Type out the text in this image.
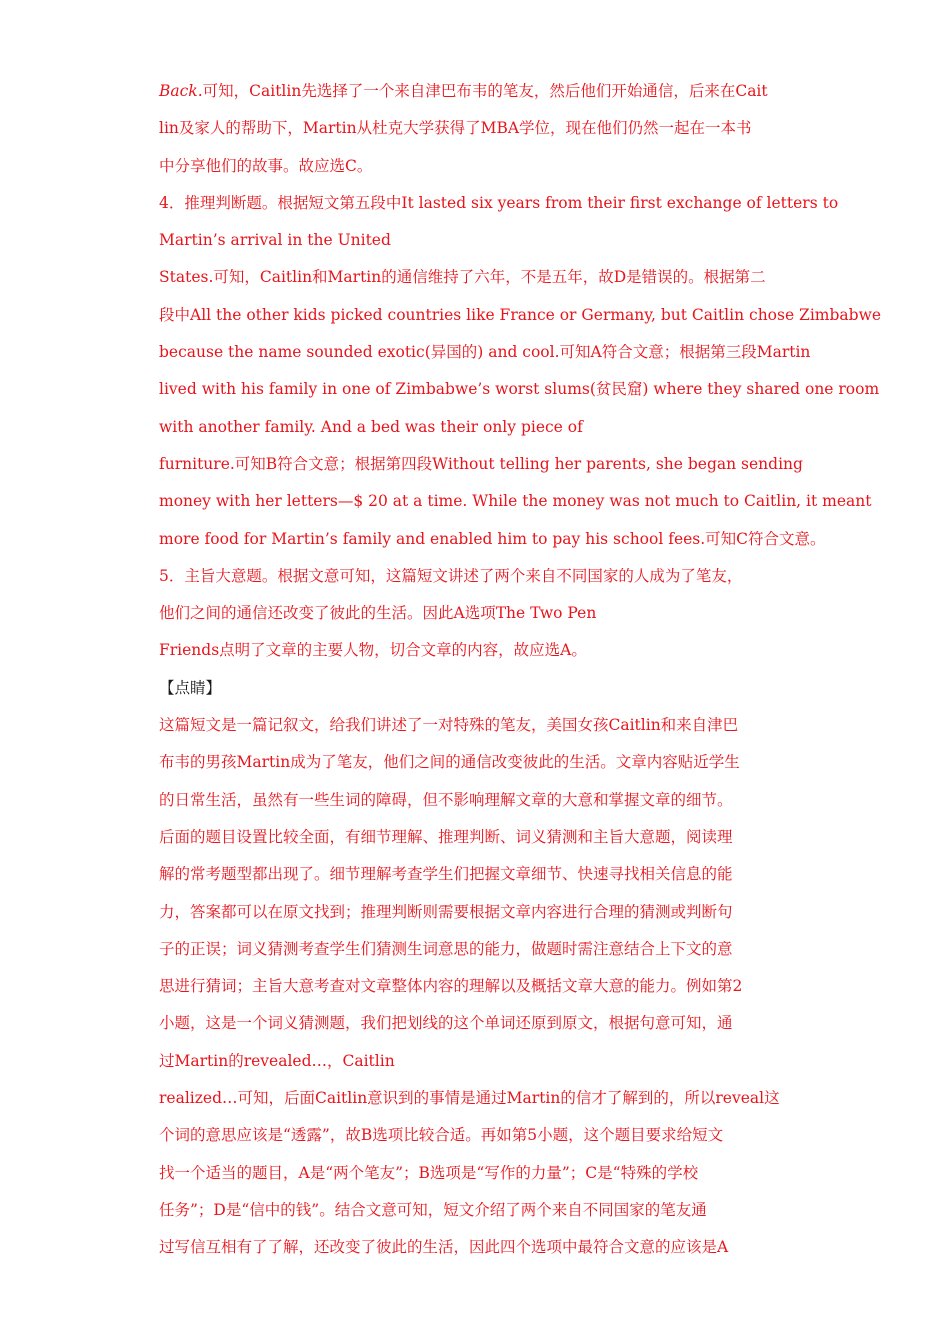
Back.可知，Caitlin先选择了一个来自津巴布韦的笔友，然后他们开始通信，后来在Cait
lin及家人的帮助下，Martin从杜克大学获得了MBA学位，现在他们仍然一起在一本书
中分享他们的故事。故应选C。
4．推理判断题。根据短文第五段中It lasted six years from their first exchange of letters to
Martin’s arrival in the United
States.可知，Caitlin和Martin的通信维持了六年，不是五年，故D是错误的。根据第二
段中All the other kids picked countries like France or Germany, but Caitlin chose Zimbabwe
because the name sounded exotic(异国的) and cool.可知A符合文意；根据第三段Martin
lived with his family in one of Zimbabwe’s worst slums(贫民窟) where they shared one room
with another family. And a bed was their only piece of
furniture.可知B符合文意；根据第四段Without telling her parents, she began sending
money with her letters—$ 20 at a time. While the money was not much to Caitlin, it meant
more food for Martin’s family and enabled him to pay his school fees.可知C符合文意。
5．主旨大意题。根据文意可知，这篇短文讲述了两个来自不同国家的人成为了笔友，
他们之间的通信还改变了彼此的生活。因此A选项The Two Pen
Friends点明了文章的主要人物，切合文章的内容，故应选A。
【点睛】
这篇短文是一篇记叙文，给我们讲述了一对特殊的笔友，美国女孩Caitlin和来自津巴
布韦的男孩Martin成为了笔友，他们之间的通信改变彼此的生活。文章内容贴近学生
的日常生活，虽然有一些生词的障碍，但不影响理解文章的大意和掌握文章的细节。
后面的题目设置比较全面，有细节理解、推理判断、词义猜测和主旨大意题，阅读理
解的常考题型都出现了。细节理解考查学生们把握文章细节、快速寻找相关信息的能
力，答案都可以在原文找到；推理判断则需要根据文章内容进行合理的猜测或判断句
子的正误；词义猜测考查学生们猜测生词意思的能力，做题时需注意结合上下文的意
思进行猜词；主旨大意考查对文章整体内容的理解以及概括文章大意的能力。例如第2
小题，这是一个词义猜测题，我们把划线的这个单词还原到原文，根据句意可知，通
过Martin的revealed…，Caitlin
realized…可知，后面Caitlin意识到的事情是通过Martin的信才了解到的，所以reveal这
个词的意思应该是“透露”，故B选项比较合适。再如第5小题，这个题目要求给短文
找一个适当的题目，A是“两个笔友”；B选项是“写作的力量”；C是“特殊的学校
任务”；D是“信中的钱”。结合文意可知，短文介绍了两个来自不同国家的笔友通
过写信互相有了了解，还改变了彼此的生活，因此四个选项中最符合文意的应该是A
